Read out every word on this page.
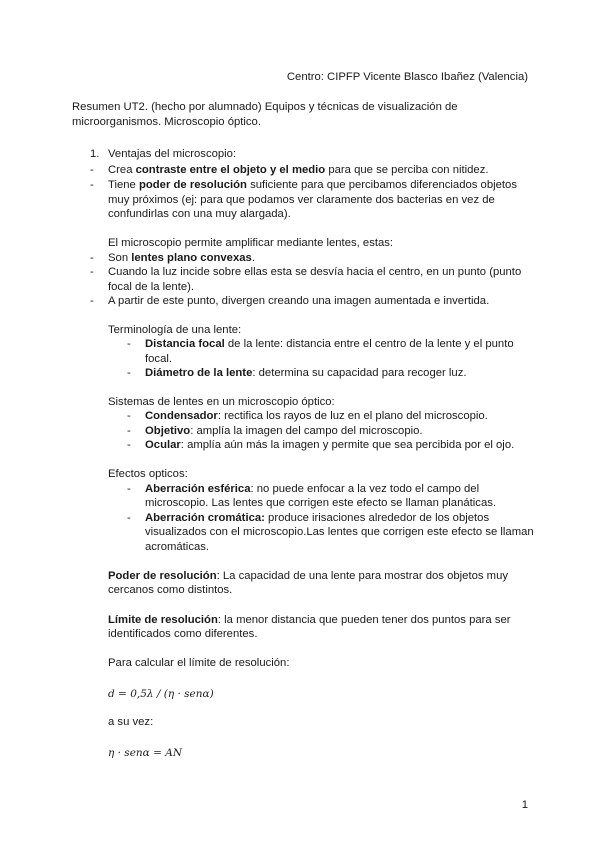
Centro: CIPFP Vicente Blasco Ibañez (Valencia)
Resumen UT2. (hecho por alumnado) Equipos y técnicas de visualización de microorganismos. Microscopio óptico.
1. Ventajas del microscopio:
- Crea contraste entre el objeto y el medio para que se perciba con nitidez.
- Tiene poder de resolución suficiente para que percibamos diferenciados objetos
muy próximos (ej: para que podamos ver claramente dos bacterias en vez de
confundirlas con una muy alargada).
El microscopio permite amplificar mediante lentes, estas:
- Son lentes plano convexas.
- Cuando la luz incide sobre ellas esta se desvía hacia el centro, en un punto (punto
focal de la lente).
- A partir de este punto, divergen creando una imagen aumentada e invertida.
Terminología de una lente:
- Distancia focal de la lente: distancia entre el centro de la lente y el punto
focal.
- Diámetro de la lente: determina su capacidad para recoger luz.
Sistemas de lentes en un microscopio óptico:
- Condensador: rectifica los rayos de luz en el plano del microscopio.
- Objetivo: amplía la imagen del campo del microscopio.
- Ocular: amplía aún más la imagen y permite que sea percibida por el ojo.
Efectos opticos:
- Aberración esférica: no puede enfocar a la vez todo el campo del
microscopio. Las lentes que corrigen este efecto se llaman planáticas.
- Aberración cromática: produce irisaciones alrededor de los objetos
visualizados con el microscopio.Las lentes que corrigen este efecto se llaman
acromáticas.
Poder de resolución: La capacidad de una lente para mostrar dos objetos muy
cercanos como distintos.
Límite de resolución: la menor distancia que pueden tener dos puntos para ser
identificados como diferentes.
Para calcular el límite de resolución:
d = 0,5λ / (η · senα)
a su vez:
η · senα = AN
1
